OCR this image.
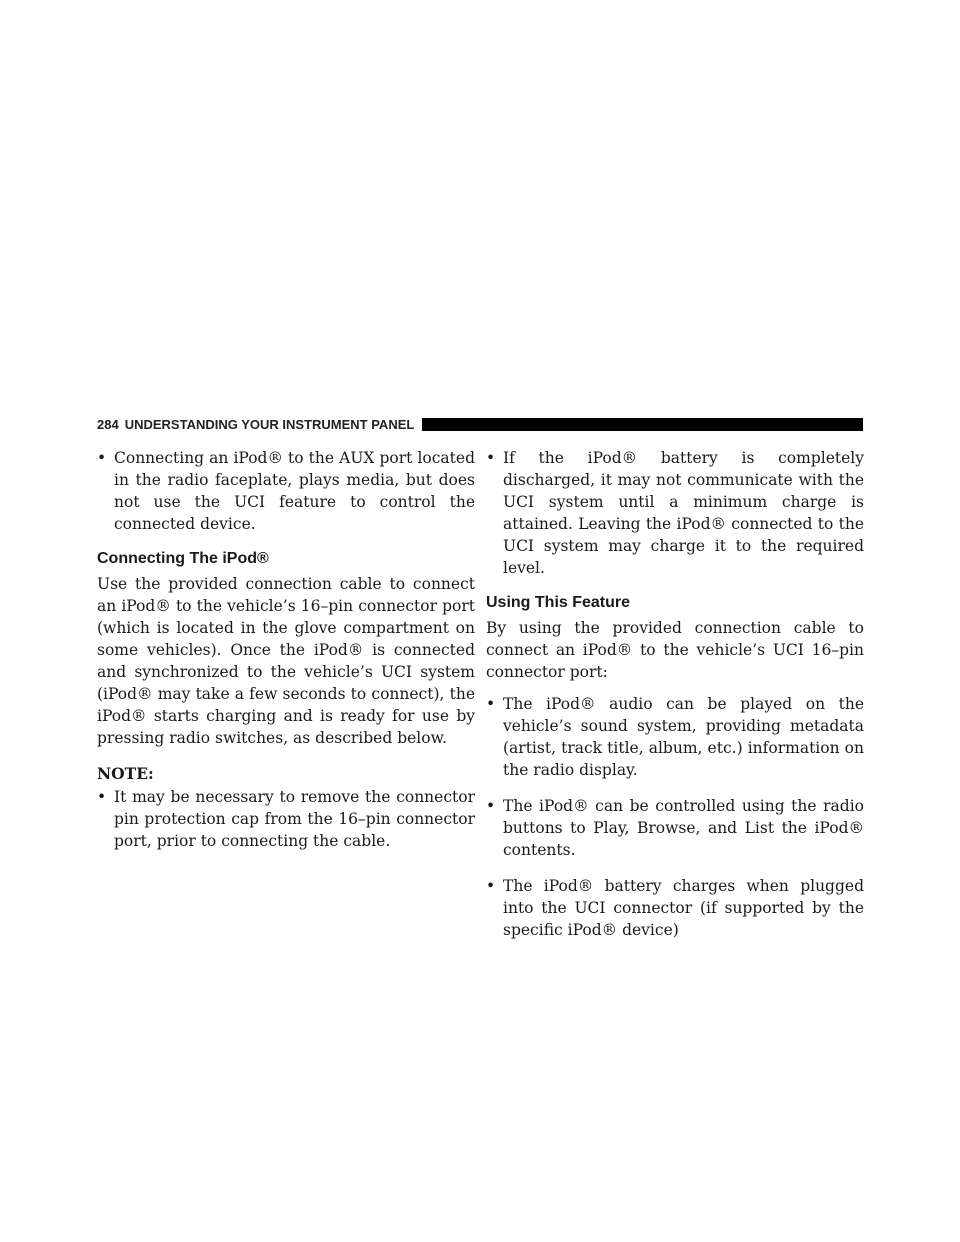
284 UNDERSTANDING YOUR INSTRUMENT PANEL
• Connecting an iPod® to the AUX port located in the radio faceplate, plays media, but does not use the UCI feature to control the connected device.
Connecting The iPod®

Use the provided connection cable to connect an iPod® to the vehicle’s 16–pin connector port (which is located in the glove compartment on some vehicles). Once the iPod® is connected and synchronized to the vehicle’s UCI system (iPod® may take a few seconds to connect), the iPod® starts charging and is ready for use by pressing radio switches, as described below.

NOTE:
• It may be necessary to remove the connector pin protection cap from the 16–pin connector port, prior to connecting the cable.
• If the iPod® battery is completely discharged, it may not communicate with the UCI system until a minimum charge is attained. Leaving the iPod® connected to the UCI system may charge it to the required level.
Using This Feature

By using the provided connection cable to connect an iPod® to the vehicle’s UCI 16–pin connector port:

• The iPod® audio can be played on the vehicle’s sound system, providing metadata (artist, track title, album, etc.) information on the radio display.
• The iPod® can be controlled using the radio buttons to Play, Browse, and List the iPod® contents.
• The iPod® battery charges when plugged into the UCI connector (if supported by the specific iPod® device)
